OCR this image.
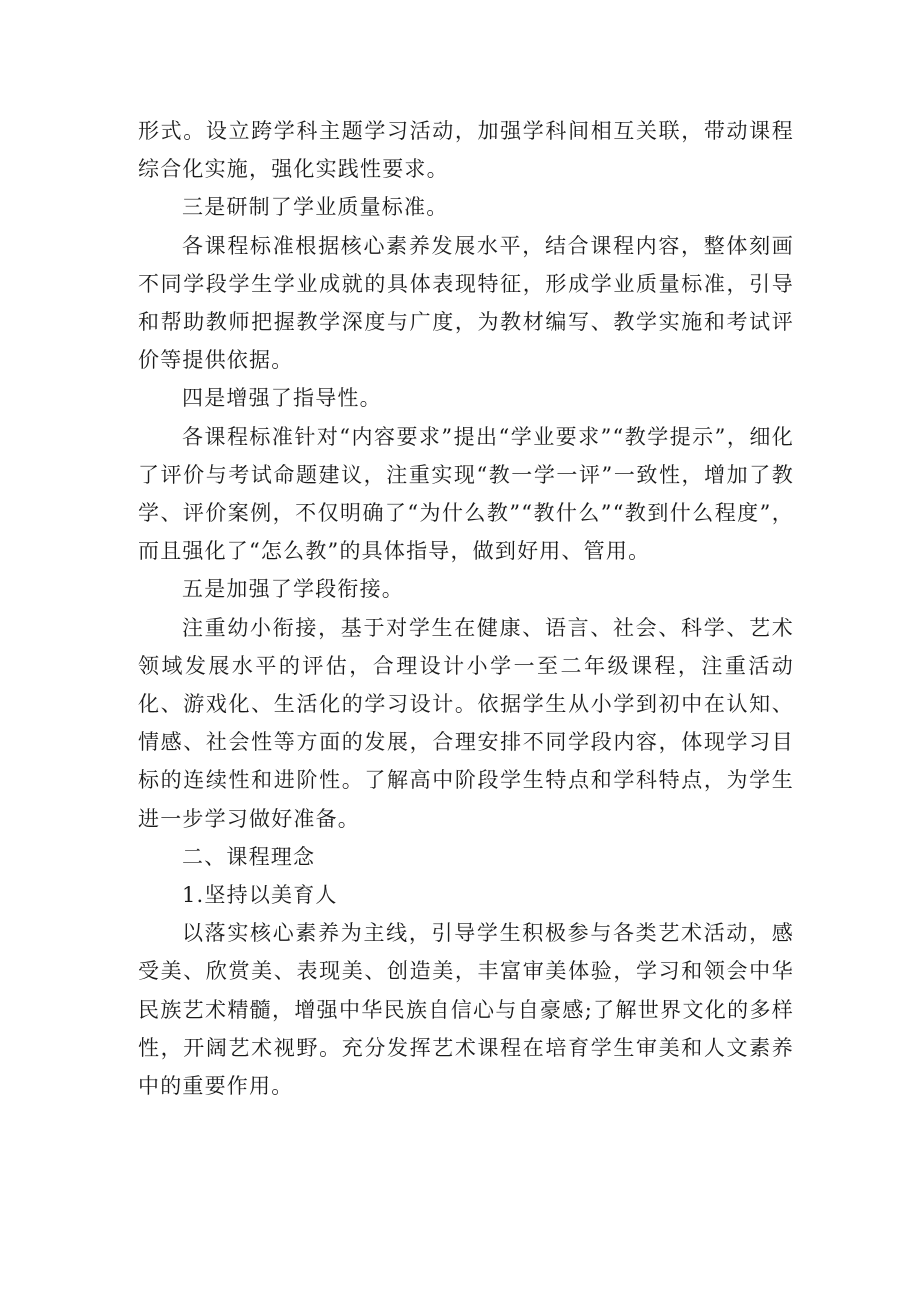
形式。设立跨学科主题学习活动，加强学科间相互关联，带动课程综合化实施，强化实践性要求。

三是研制了学业质量标准。

各课程标准根据核心素养发展水平，结合课程内容，整体刻画不同学段学生学业成就的具体表现特征，形成学业质量标准，引导和帮助教师把握教学深度与广度，为教材编写、教学实施和考试评价等提供依据。

四是增强了指导性。

各课程标准针对“内容要求”提出“学业要求”“教学提示”，细化了评价与考试命题建议，注重实现“教一学一评”一致性，增加了教学、评价案例，不仅明确了“为什么教”“教什么”“教到什么程度”，而且强化了“怎么教”的具体指导，做到好用、管用。

五是加强了学段衔接。

注重幼小衔接，基于对学生在健康、语言、社会、科学、艺术领域发展水平的评估，合理设计小学一至二年级课程，注重活动化、游戏化、生活化的学习设计。依据学生从小学到初中在认知、情感、社会性等方面的发展，合理安排不同学段内容，体现学习目标的连续性和进阶性。了解高中阶段学生特点和学科特点，为学生进一步学习做好准备。

二、课程理念

1.坚持以美育人

以落实核心素养为主线，引导学生积极参与各类艺术活动，感受美、欣赏美、表现美、创造美，丰富审美体验，学习和领会中华民族艺术精髓，增强中华民族自信心与自豪感;了解世界文化的多样性，开阔艺术视野。充分发挥艺术课程在培育学生审美和人文素养中的重要作用。
